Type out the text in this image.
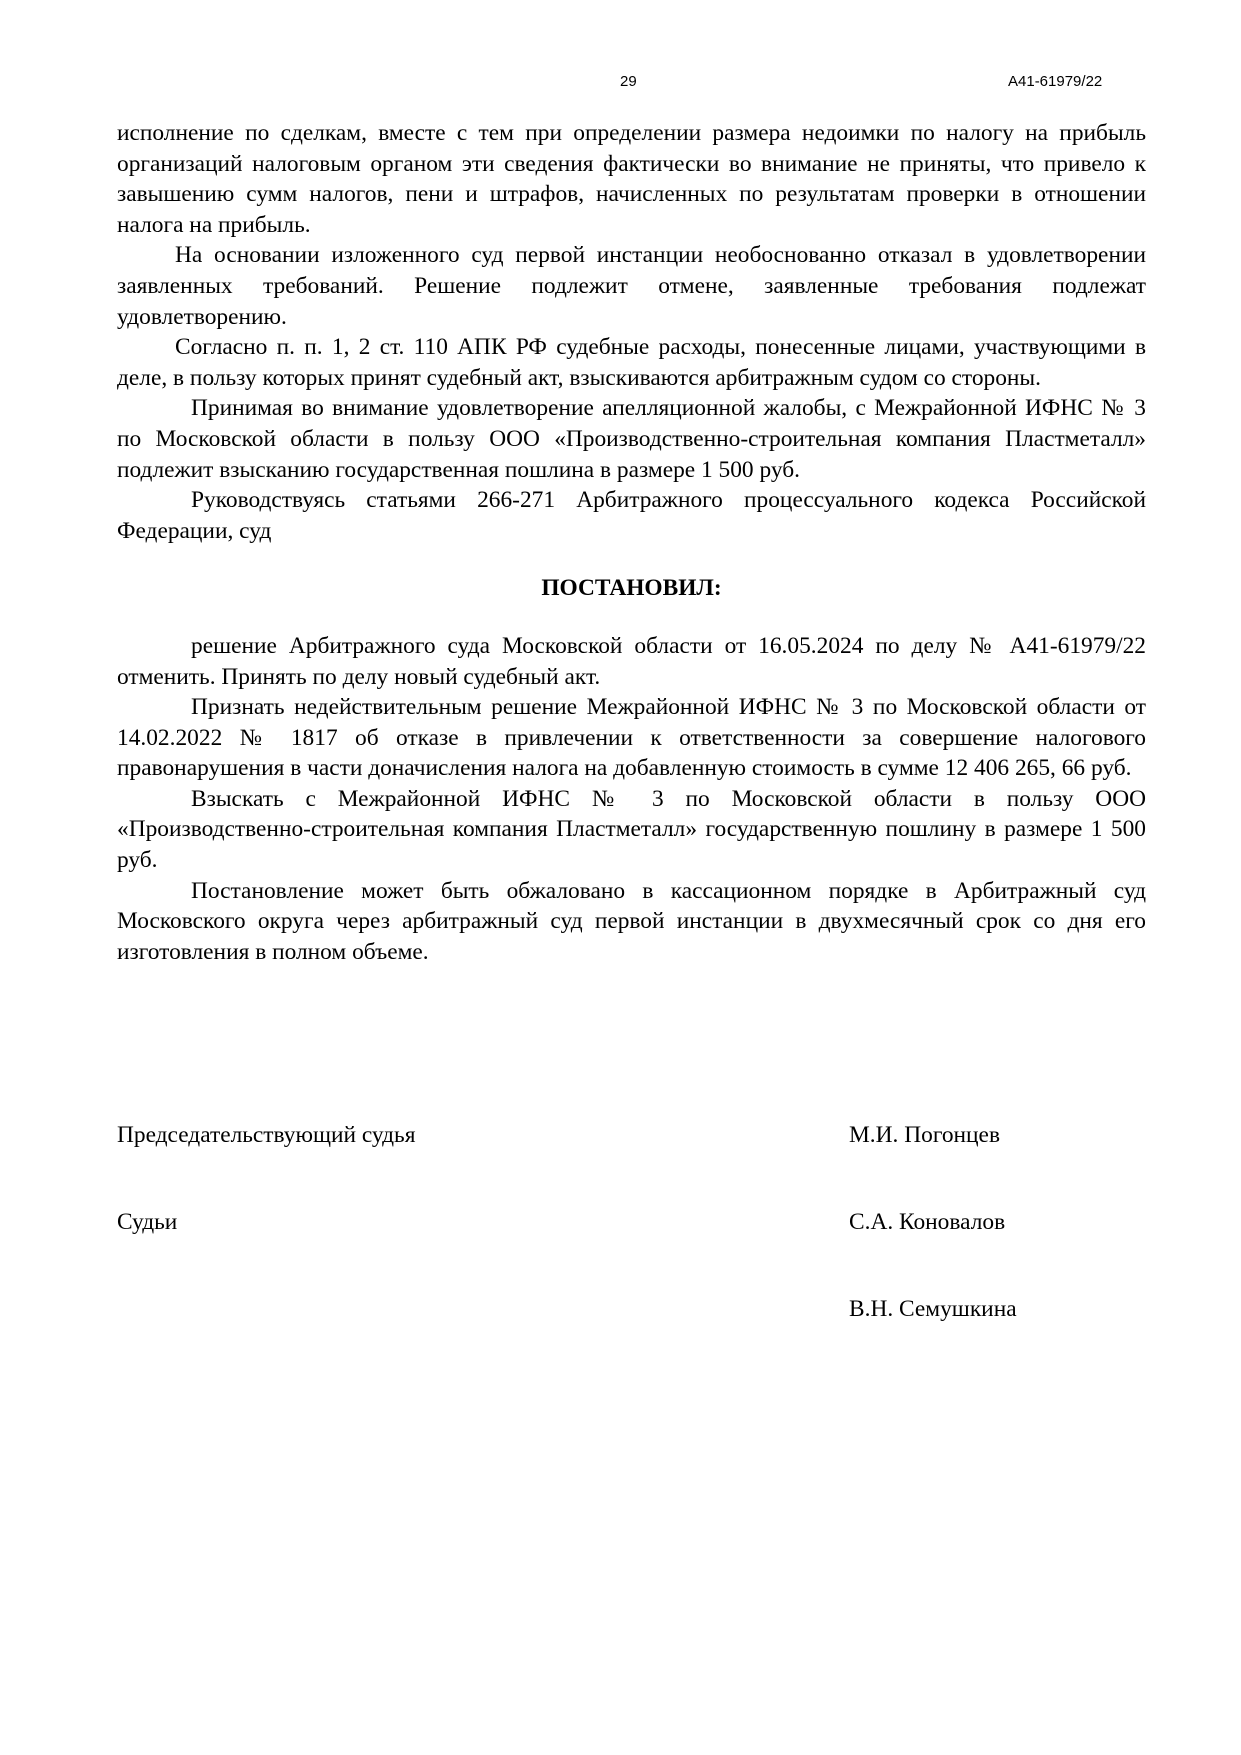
29	А41-61979/22

исполнение по сделкам, вместе с тем при определении размера недоимки по налогу на прибыль организаций налоговым органом эти сведения фактически во внимание не приняты, что привело к завышению сумм налогов, пени и штрафов, начисленных по результатам проверки в отношении налога на прибыль.

На основании изложенного суд первой инстанции необоснованно отказал в удовлетворении заявленных требований. Решение подлежит отмене, заявленные требования подлежат удовлетворению.

Согласно п. п. 1, 2 ст. 110 АПК РФ судебные расходы, понесенные лицами, участвующими в деле, в пользу которых принят судебный акт, взыскиваются арбитражным судом со стороны.

Принимая во внимание удовлетворение апелляционной жалобы, с Межрайонной ИФНС № 3 по Московской области в пользу ООО «Производственно-строительная компания Пластметалл» подлежит взысканию государственная пошлина в размере 1 500 руб.

Руководствуясь статьями 266-271 Арбитражного процессуального кодекса Российской Федерации, суд

ПОСТАНОВИЛ:

решение Арбитражного суда Московской области от 16.05.2024 по делу № А41-61979/22 отменить. Принять по делу новый судебный акт.

Признать недействительным решение Межрайонной ИФНС № 3 по Московской области от 14.02.2022 № 1817 об отказе в привлечении к ответственности за совершение налогового правонарушения в части доначисления налога на добавленную стоимость в сумме 12 406 265, 66 руб.

Взыскать с Межрайонной ИФНС № 3 по Московской области в пользу ООО «Производственно-строительная компания Пластметалл» государственную пошлину в размере 1 500 руб.

Постановление может быть обжаловано в кассационном порядке в Арбитражный суд Московского округа через арбитражный суд первой инстанции в двухмесячный срок со дня его изготовления в полном объеме.

Председательствующий судья	М.И. Погонцев
Судьи	С.А. Коновалов
В.Н. Семушкина
